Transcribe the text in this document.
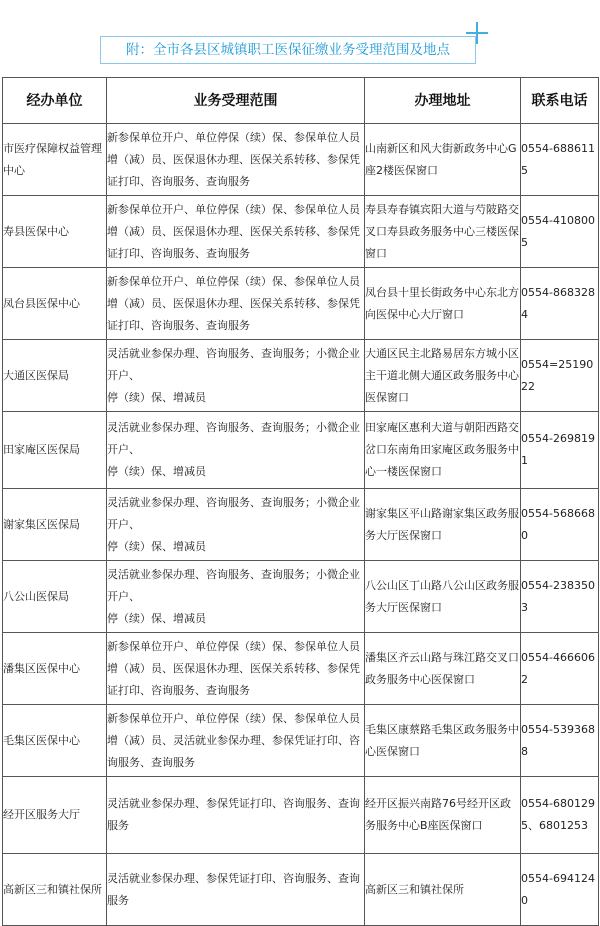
附：全市各县区城镇职工医保征缴业务受理范围及地点
经办单位	业务受理范围	办理地址	联系电话
市医疗保障权益管理中心	新参保单位开户、单位停保（续）保、参保单位人员增（减）员、医保退休办理、医保关系转移、参保凭证打印、咨询服务、查询服务	山南新区和风大街新政务中心G座2楼医保窗口	0554-6886115
寿县医保中心	新参保单位开户、单位停保（续）保、参保单位人员增（减）员、医保退休办理、医保关系转移、参保凭证打印、咨询服务、查询服务	寿县寿春镇宾阳大道与芍陂路交叉口寿县政务服务中心三楼医保窗口	0554-4108005
凤台县医保中心	新参保单位开户、单位停保（续）保、参保单位人员增（减）员、医保退休办理、医保关系转移、参保凭证打印、咨询服务、查询服务	凤台县十里长街政务中心东北方向医保中心大厅窗口	0554-8683284
大通区医保局	灵活就业参保办理、咨询服务、查询服务；小微企业开户、
停（续）保、增减员	大通区民主北路易居东方城小区主干道北侧大通区政务服务中心医保窗口	0554=2519022
田家庵区医保局	灵活就业参保办理、咨询服务、查询服务；小微企业开户、
停（续）保、增减员	田家庵区惠利大道与朝阳西路交岔口东南角田家庵区政务服务中心一楼医保窗口	0554-2698191
谢家集区医保局	灵活就业参保办理、咨询服务、查询服务；小微企业开户、
停（续）保、增减员	谢家集区平山路谢家集区政务服务大厅医保窗口	0554-5686680
八公山医保局	灵活就业参保办理、咨询服务、查询服务；小微企业开户、
停（续）保、增减员	八公山区丁山路八公山区政务服务大厅医保窗口	0554-2383503
潘集区医保中心	新参保单位开户、单位停保（续）保、参保单位人员增（减）员、医保退休办理、医保关系转移、参保凭证打印、咨询服务、查询服务	潘集区齐云山路与珠江路交叉口政务服务中心医保窗口	0554-4666062
毛集区医保中心	新参保单位开户、单位停保（续）保、参保单位人员增（减）员、灵活就业参保办理、参保凭证打印、咨询服务、查询服务	毛集区康蔡路毛集区政务服务中心医保窗口	0554-5393688
经开区服务大厅	灵活就业参保办理、参保凭证打印、咨询服务、查询服务	经开区振兴南路76号经开区政务服务中心B座医保窗口	0554-6801295、6801253
高新区三和镇社保所	灵活就业参保办理、参保凭证打印、咨询服务、查询服务	高新区三和镇社保所	0554-6941240
